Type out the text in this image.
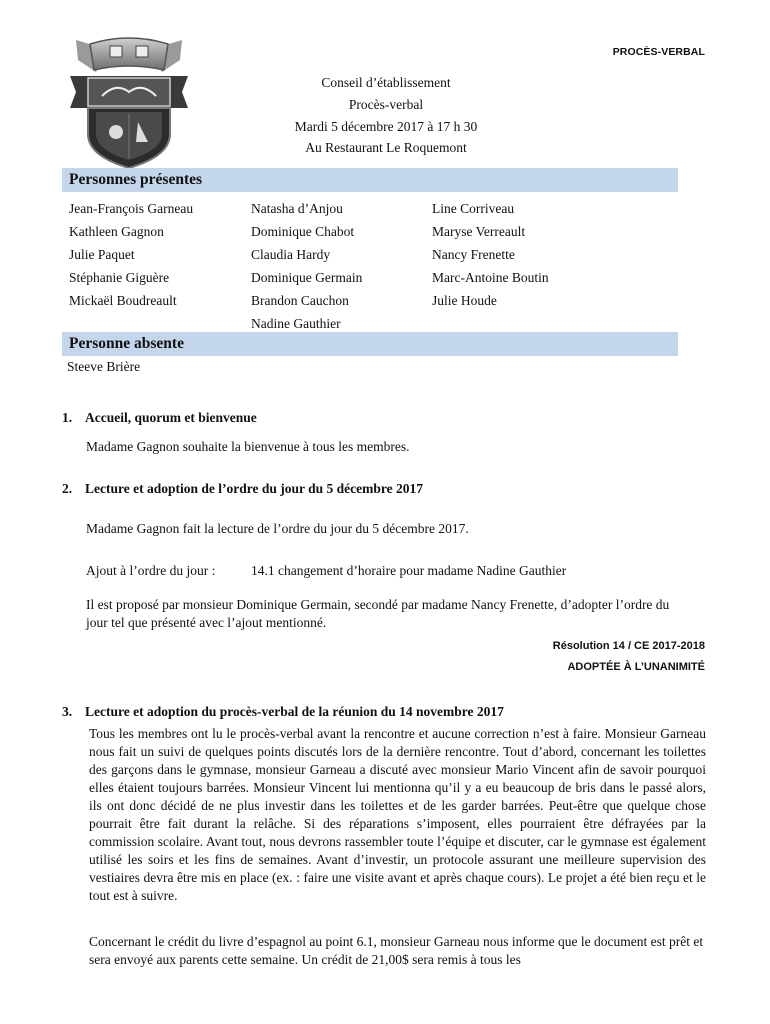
PROCÈS-VERBAL
Conseil d’établissement
Procès-verbal
Mardi 5 décembre 2017 à 17 h 30
Au Restaurant Le Roquemont
Personnes présentes
Jean-François Garneau
Kathleen Gagnon
Julie Paquet
Stéphanie Giguère
Mickaël Boudreault
Natasha d’Anjou
Dominique Chabot
Claudia Hardy
Dominique Germain
Brandon Cauchon
Nadine Gauthier
Line Corriveau
Maryse Verreault
Nancy Frenette
Marc-Antoine Boutin
Julie Houde
Personne absente
Steeve Brière
1. Accueil, quorum et bienvenue
Madame Gagnon souhaite la bienvenue à tous les membres.
2. Lecture et adoption de l’ordre du jour du 5 décembre 2017
Madame Gagnon fait la lecture de l’ordre du jour du 5 décembre 2017.
Ajout à l’ordre du jour :	14.1 changement d’horaire pour madame Nadine Gauthier
Il est proposé par monsieur Dominique Germain, secondé par madame Nancy Frenette, d’adopter l’ordre du jour tel que présenté avec l’ajout mentionné.
Résolution 14 / CE 2017-2018
ADOPTÉE À L’UNANIMITÉ
3. Lecture et adoption du procès-verbal de la réunion du 14 novembre 2017
Tous les membres ont lu le procès-verbal avant la rencontre et aucune correction n’est à faire. Monsieur Garneau nous fait un suivi de quelques points discutés lors de la dernière rencontre. Tout d’abord, concernant les toilettes des garçons dans le gymnase, monsieur Garneau a discuté avec monsieur Mario Vincent afin de savoir pourquoi elles étaient toujours barrées. Monsieur Vincent lui mentionna qu’il y a eu beaucoup de bris dans le passé alors, ils ont donc décidé de ne plus investir dans les toilettes et de les garder barrées. Peut-être que quelque chose pourrait être fait durant la relâche. Si des réparations s’imposent, elles pourraient être défrayées par la commission scolaire. Avant tout, nous devrons rassembler toute l’équipe et discuter, car le gymnase est également utilisé les soirs et les fins de semaines. Avant d’investir, un protocole assurant une meilleure supervision des vestiaires devra être mis en place (ex. : faire une visite avant et après chaque cours). Le projet a été bien reçu et le tout est à suivre.
Concernant le crédit du livre d’espagnol au point 6.1, monsieur Garneau nous informe que le document est prêt et sera envoyé aux parents cette semaine. Un crédit de 21,00$ sera remis à tous les
